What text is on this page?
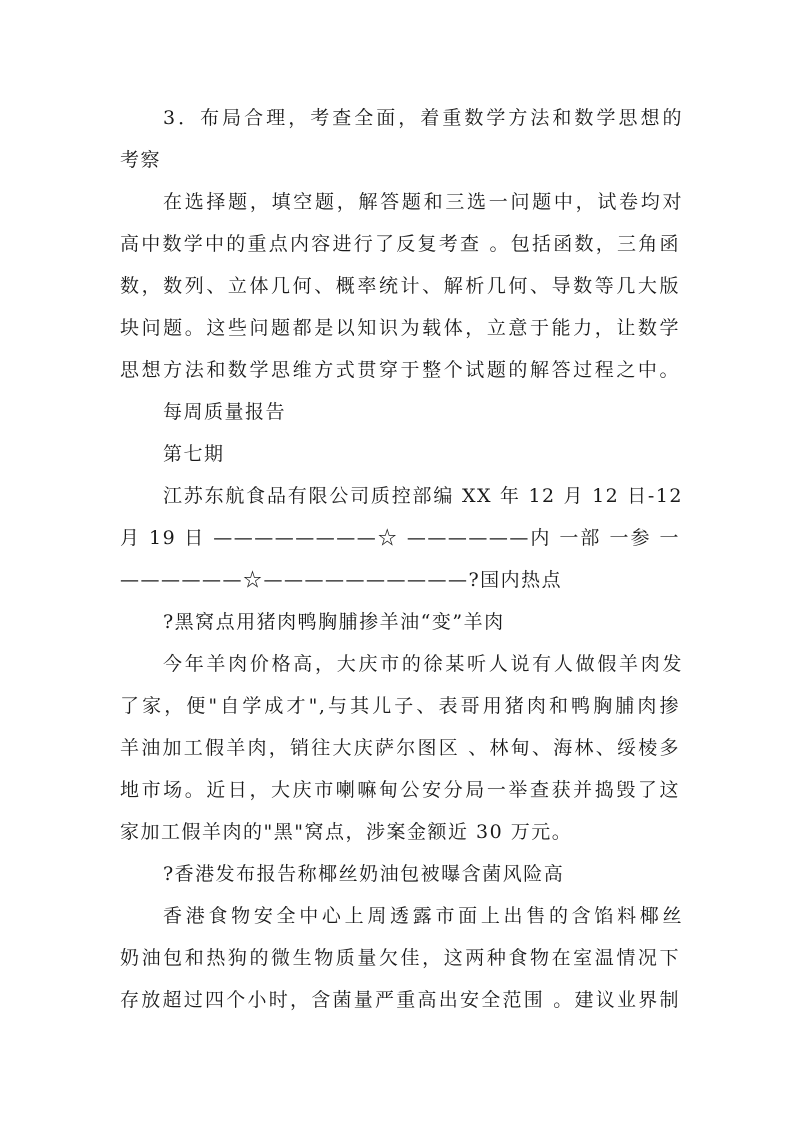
3．布局合理，考查全面，着重数学方法和数学思想的
考察
在选择题，填空题，解答题和三选一问题中，试卷均对
高中数学中的重点内容进行了反复考查 。包括函数，三角函
数，数列、立体几何、概率统计、解析几何、导数等几大版
块问题。这些问题都是以知识为载体，立意于能力，让数学
思想方法和数学思维方式贯穿于整个试题的解答过程之中。
每周质量报告
第七期
江苏东航食品有限公司质控部编 XX 年 12 月 12 日-12
月 19 日 ————————☆ ——————内 一部 一参 一
——————☆——————————?国内热点
?黑窝点用猪肉鸭胸脯掺羊油“变”羊肉
今年羊肉价格高，大庆市的徐某听人说有人做假羊肉发
了家，便"自学成才",与其儿子、表哥用猪肉和鸭胸脯肉掺
羊油加工假羊肉，销往大庆萨尔图区 、林甸、海林、绥棱多
地市场。近日，大庆市喇嘛甸公安分局一举查获并捣毁了这
家加工假羊肉的"黑"窝点，涉案金额近 30 万元。
?香港发布报告称椰丝奶油包被曝含菌风险高
香港食物安全中心上周透露市面上出售的含馅料椰丝
奶油包和热狗的微生物质量欠佳，这两种食物在室温情况下
存放超过四个小时，含菌量严重高出安全范围 。建议业界制
